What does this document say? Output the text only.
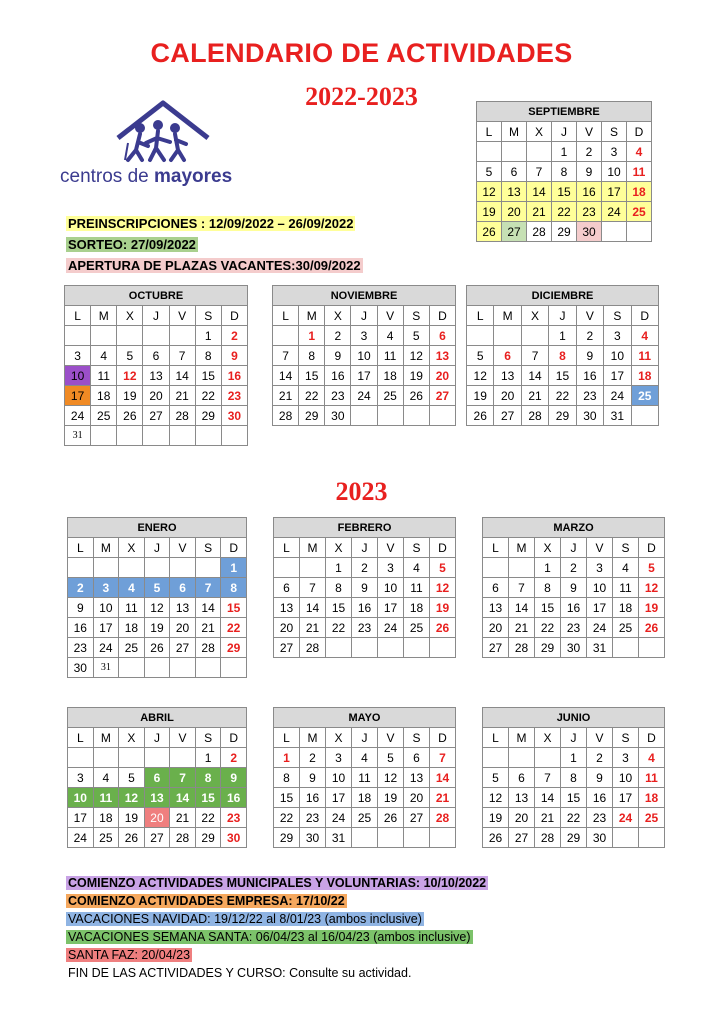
CALENDARIO DE ACTIVIDADES
2022-2023
centros de mayores
PREINSCRIPCIONES : 12/09/2022 – 26/09/2022
SORTEO: 27/09/2022
APERTURA DE PLAZAS VACANTES:30/09/2022
2023
SEPTIEMBRE						
L	M	X	J	V	S	D
			1	2	3	4
5	6	7	8	9	10	11
12	13	14	15	16	17	18
19	20	21	22	23	24	25
26	27	28	29	30		
OCTUBRE						
L	M	X	J	V	S	D
					1	2
3	4	5	6	7	8	9
10	11	12	13	14	15	16
17	18	19	20	21	22	23
24	25	26	27	28	29	30
31						
NOVIEMBRE						
L	M	X	J	V	S	D
	1	2	3	4	5	6
7	8	9	10	11	12	13
14	15	16	17	18	19	20
21	22	23	24	25	26	27
28	29	30				
DICIEMBRE						
L	M	X	J	V	S	D
			1	2	3	4
5	6	7	8	9	10	11
12	13	14	15	16	17	18
19	20	21	22	23	24	25
26	27	28	29	30	31	
ENERO						
L	M	X	J	V	S	D
						1
2	3	4	5	6	7	8
9	10	11	12	13	14	15
16	17	18	19	20	21	22
23	24	25	26	27	28	29
30	31					
FEBRERO						
L	M	X	J	V	S	D
		1	2	3	4	5
6	7	8	9	10	11	12
13	14	15	16	17	18	19
20	21	22	23	24	25	26
27	28					
MARZO						
L	M	X	J	V	S	D
		1	2	3	4	5
6	7	8	9	10	11	12
13	14	15	16	17	18	19
20	21	22	23	24	25	26
27	28	29	30	31		
ABRIL						
L	M	X	J	V	S	D
					1	2
3	4	5	6	7	8	9
10	11	12	13	14	15	16
17	18	19	20	21	22	23
24	25	26	27	28	29	30
MAYO						
L	M	X	J	V	S	D
1	2	3	4	5	6	7
8	9	10	11	12	13	14
15	16	17	18	19	20	21
22	23	24	25	26	27	28
29	30	31				
JUNIO						
L	M	X	J	V	S	D
			1	2	3	4
5	6	7	8	9	10	11
12	13	14	15	16	17	18
19	20	21	22	23	24	25
26	27	28	29	30		
COMIENZO ACTIVIDADES MUNICIPALES Y VOLUNTARIAS: 10/10/2022
COMIENZO ACTIVIDADES EMPRESA: 17/10/22
VACACIONES NAVIDAD: 19/12/22 al 8/01/23 (ambos inclusive)
VACACIONES SEMANA SANTA: 06/04/23 al 16/04/23 (ambos inclusive)
SANTA FAZ: 20/04/23
FIN DE LAS ACTIVIDADES Y CURSO: Consulte su actividad.
